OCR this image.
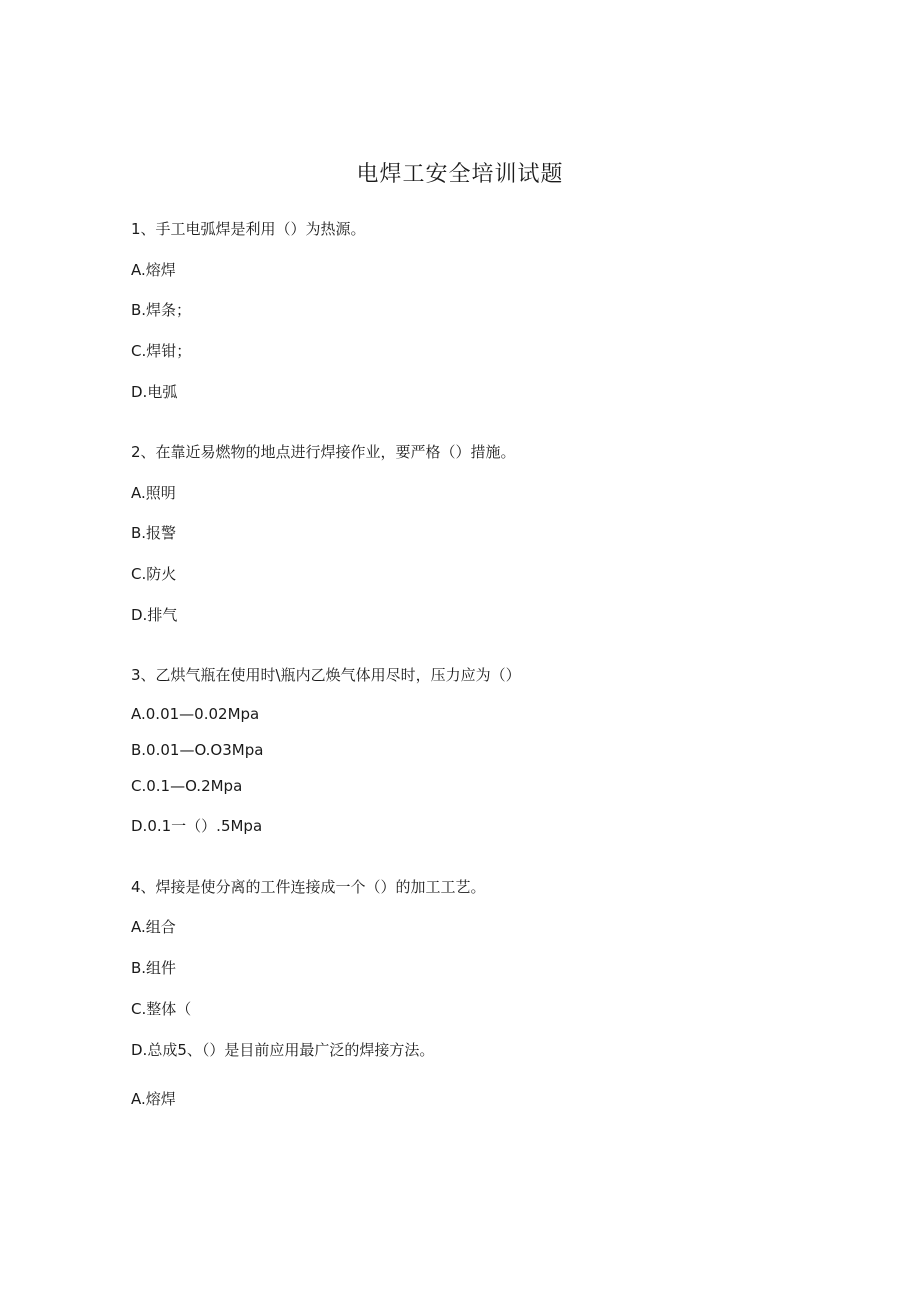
电焊工安全培训试题
1、手工电弧焊是利用（）为热源。
A.熔焊
B.焊条；
C.焊钳；
D.电弧
2、在靠近易燃物的地点进行焊接作业，要严格（）措施。
A.照明
B.报警
C.防火
D.排气
3、乙烘气瓶在使用时\瓶内乙焕气体用尽时，压力应为（）
A.0.01—0.02Mpa
B.0.01—O.O3Mpa
C.0.1—O.2Mpa
D.0.1一（）.5Mpa
4、焊接是使分离的工件连接成一个（）的加工工艺。
A.组合
B.组件
C.整体（
D.总成5、（）是目前应用最广泛的焊接方法。
A.熔焊
